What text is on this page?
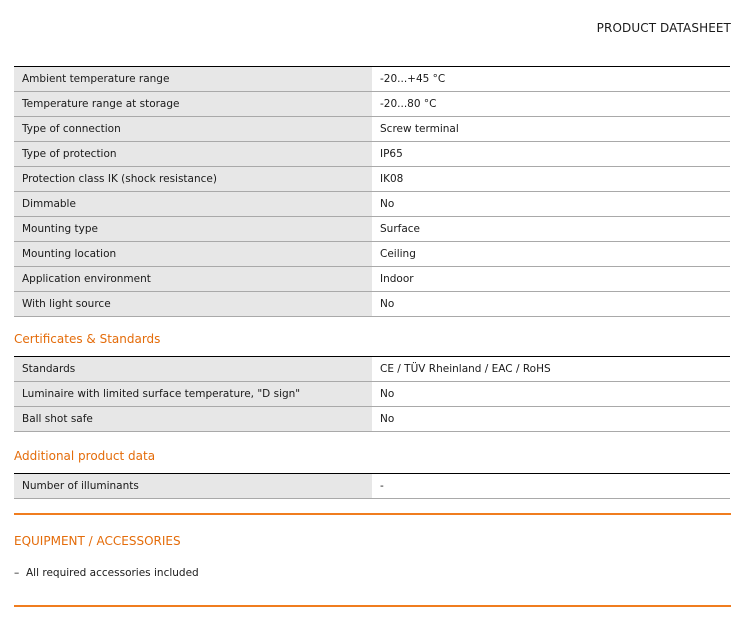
PRODUCT DATASHEET
Ambient temperature range	-20...+45 °C
Temperature range at storage	-20...80 °C
Type of connection	Screw terminal
Type of protection	IP65
Protection class IK (shock resistance)	IK08
Dimmable	No
Mounting type	Surface
Mounting location	Ceiling
Application environment	Indoor
With light source	No
Certificates & Standards
Standards	CE / TÜV Rheinland / EAC / RoHS
Luminaire with limited surface temperature, "D sign"	No
Ball shot safe	No
Additional product data
Number of illuminants	-
EQUIPMENT / ACCESSORIES
– All required accessories included
